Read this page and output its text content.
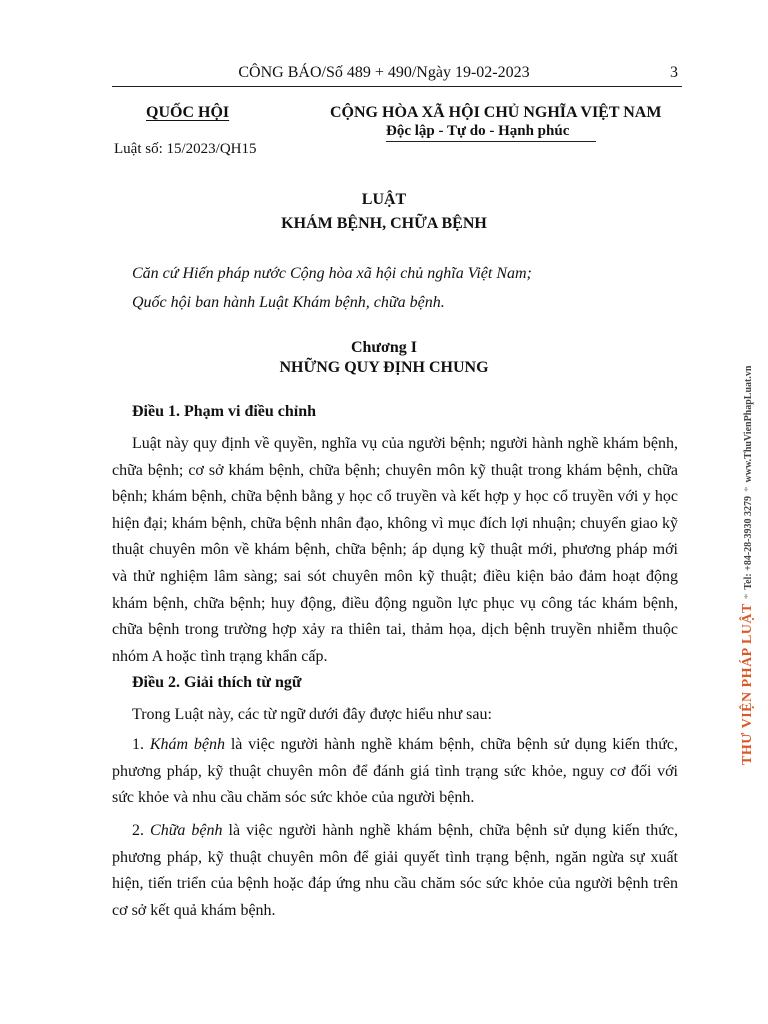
CÔNG BÁO/Số 489 + 490/Ngày 19-02-2023	3
QUỐC HỘI
Luật số: 15/2023/QH15
CỘNG HÒA XÃ HỘI CHỦ NGHĨA VIỆT NAM
Độc lập - Tự do - Hạnh phúc
LUẬT
KHÁM BỆNH, CHỮA BỆNH
Căn cứ Hiến pháp nước Cộng hòa xã hội chủ nghĩa Việt Nam;
Quốc hội ban hành Luật Khám bệnh, chữa bệnh.
Chương I
NHỮNG QUY ĐỊNH CHUNG
Điều 1. Phạm vi điều chỉnh

Luật này quy định về quyền, nghĩa vụ của người bệnh; người hành nghề khám bệnh, chữa bệnh; cơ sở khám bệnh, chữa bệnh; chuyên môn kỹ thuật trong khám bệnh, chữa bệnh; khám bệnh, chữa bệnh bằng y học cổ truyền và kết hợp y học cổ truyền với y học hiện đại; khám bệnh, chữa bệnh nhân đạo, không vì mục đích lợi nhuận; chuyển giao kỹ thuật chuyên môn về khám bệnh, chữa bệnh; áp dụng kỹ thuật mới, phương pháp mới và thử nghiệm lâm sàng; sai sót chuyên môn kỹ thuật; điều kiện bảo đảm hoạt động khám bệnh, chữa bệnh; huy động, điều động nguồn lực phục vụ công tác khám bệnh, chữa bệnh trong trường hợp xảy ra thiên tai, thảm họa, dịch bệnh truyền nhiễm thuộc nhóm A hoặc tình trạng khẩn cấp.

Điều 2. Giải thích từ ngữ

Trong Luật này, các từ ngữ dưới đây được hiểu như sau:

1. Khám bệnh là việc người hành nghề khám bệnh, chữa bệnh sử dụng kiến thức, phương pháp, kỹ thuật chuyên môn để đánh giá tình trạng sức khỏe, nguy cơ đối với sức khỏe và nhu cầu chăm sóc sức khỏe của người bệnh.

2. Chữa bệnh là việc người hành nghề khám bệnh, chữa bệnh sử dụng kiến thức, phương pháp, kỹ thuật chuyên môn để giải quyết tình trạng bệnh, ngăn ngừa sự xuất hiện, tiến triển của bệnh hoặc đáp ứng nhu cầu chăm sóc sức khỏe của người bệnh trên cơ sở kết quả khám bệnh.

THƯ VIỆN PHÁP LUẬT*Tel: +84-28-3930 3279*www.ThuVienPhapLuat.vn
